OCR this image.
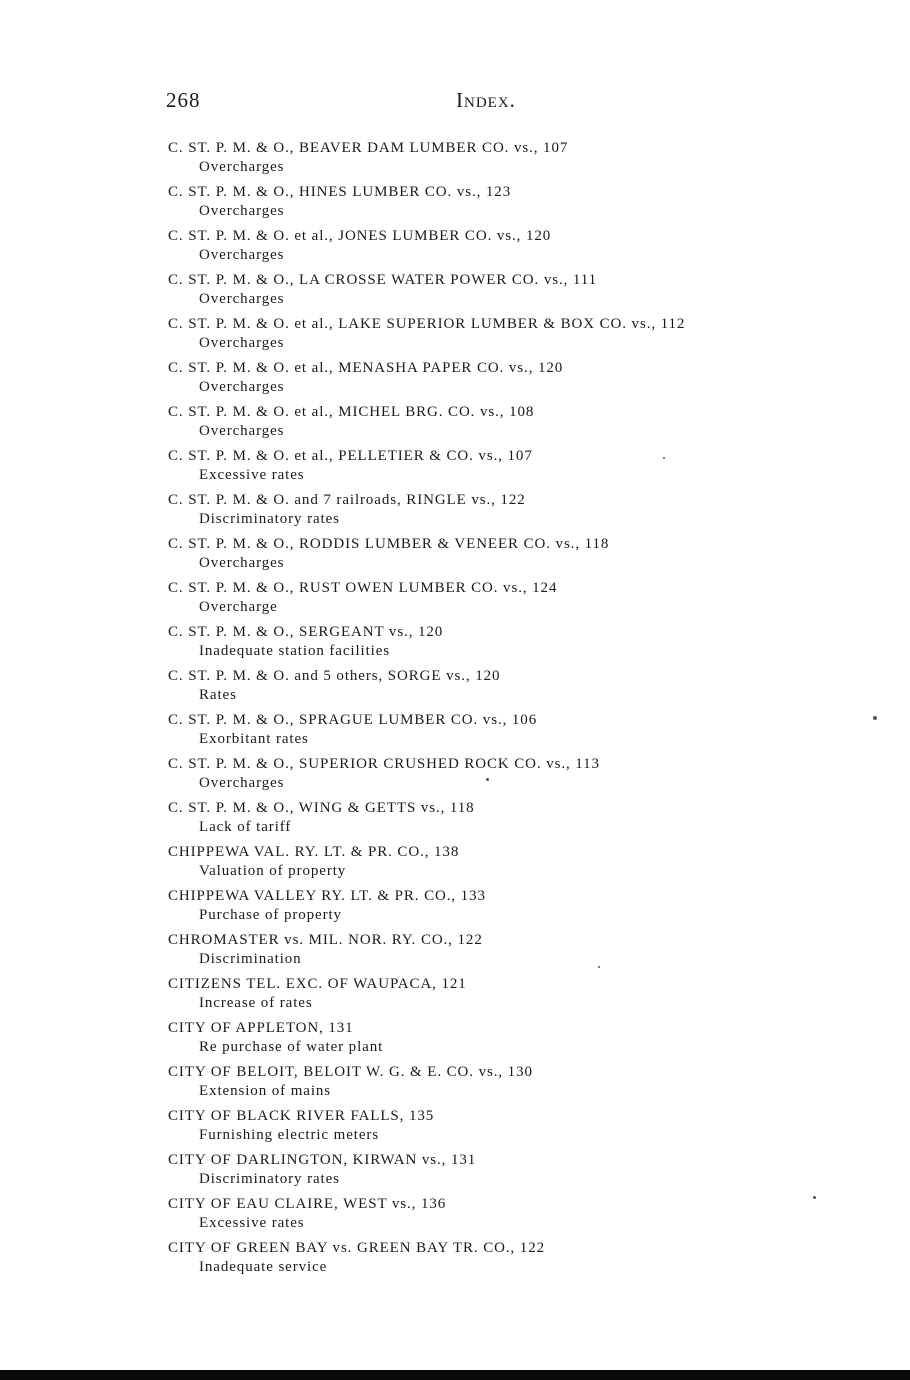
268	Index.
C. ST. P. M. & O., BEAVER DAM LUMBER CO. vs., 107
Overcharges
C. ST. P. M. & O., HINES LUMBER CO. vs., 123
Overcharges
C. ST. P. M. & O. et al., JONES LUMBER CO. vs., 120
Overcharges
C. ST. P. M. & O., LA CROSSE WATER POWER CO. vs., 111
Overcharges
C. ST. P. M. & O. et al., LAKE SUPERIOR LUMBER & BOX CO. vs., 112
Overcharges
C. ST. P. M. & O. et al., MENASHA PAPER CO. vs., 120
Overcharges
C. ST. P. M. & O. et al., MICHEL BRG. CO. vs., 108
Overcharges
C. ST. P. M. & O. et al., PELLETIER & CO. vs., 107
Excessive rates
C. ST. P. M. & O. and 7 railroads, RINGLE vs., 122
Discriminatory rates
C. ST. P. M. & O., RODDIS LUMBER & VENEER CO. vs., 118
Overcharges
C. ST. P. M. & O., RUST OWEN LUMBER CO. vs., 124
Overcharge
C. ST. P. M. & O., SERGEANT vs., 120
Inadequate station facilities
C. ST. P. M. & O. and 5 others, SORGE vs., 120
Rates
C. ST. P. M. & O., SPRAGUE LUMBER CO. vs., 106
Exorbitant rates
C. ST. P. M. & O., SUPERIOR CRUSHED ROCK CO. vs., 113
Overcharges
C. ST. P. M. & O., WING & GETTS vs., 118
Lack of tariff
CHIPPEWA VAL. RY. LT. & PR. CO., 138
Valuation of property
CHIPPEWA VALLEY RY. LT. & PR. CO., 133
Purchase of property
CHROMASTER vs. MIL. NOR. RY. CO., 122
Discrimination
CITIZENS TEL. EXC. OF WAUPACA, 121
Increase of rates
CITY OF APPLETON, 131
Re purchase of water plant
CITY OF BELOIT, BELOIT W. G. & E. CO. vs., 130
Extension of mains
CITY OF BLACK RIVER FALLS, 135
Furnishing electric meters
CITY OF DARLINGTON, KIRWAN vs., 131
Discriminatory rates
CITY OF EAU CLAIRE, WEST vs., 136
Excessive rates
CITY OF GREEN BAY vs. GREEN BAY TR. CO., 122
Inadequate service
